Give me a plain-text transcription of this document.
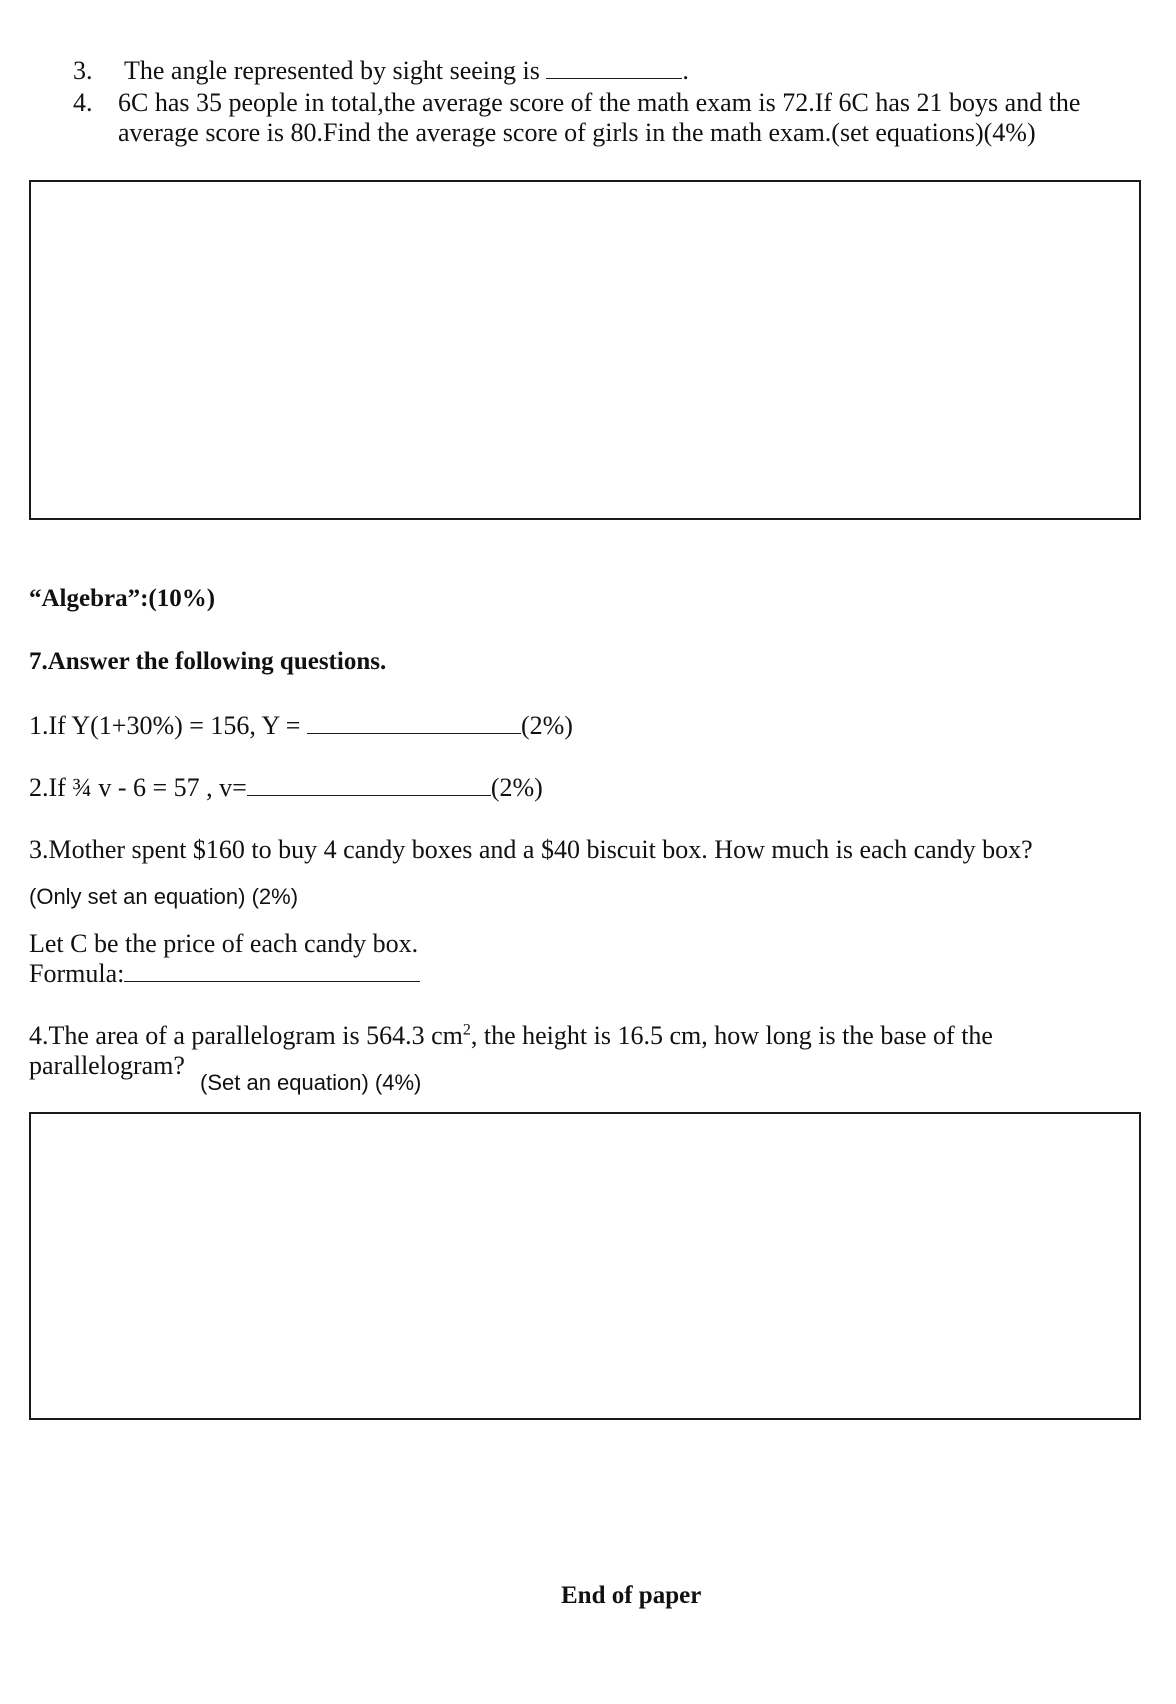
3. The angle represented by sight seeing is	.
4. 6C has 35 people in total,the average score of the math exam is 72.If 6C has 21 boys and the
average score is 80.Find the average score of girls in the math exam.(set equations)(4%)
“Algebra”:(10%)
7.Answer the following questions.
1.If Y(1+30%) = 156, Y =	(2%)
2.If ¾ v - 6 = 57 , v=	(2%)
3.Mother spent $160 to buy 4 candy boxes and a $40 biscuit box. How much is each candy box?
(Only set an equation) (2%)
Let C be the price of each candy box.
Formula:
4.The area of a parallelogram is 564.3 $cm^2$, the height is 16.5 cm, how long is the base of the
parallelogram?
(Set an equation) (4%)
End of paper
